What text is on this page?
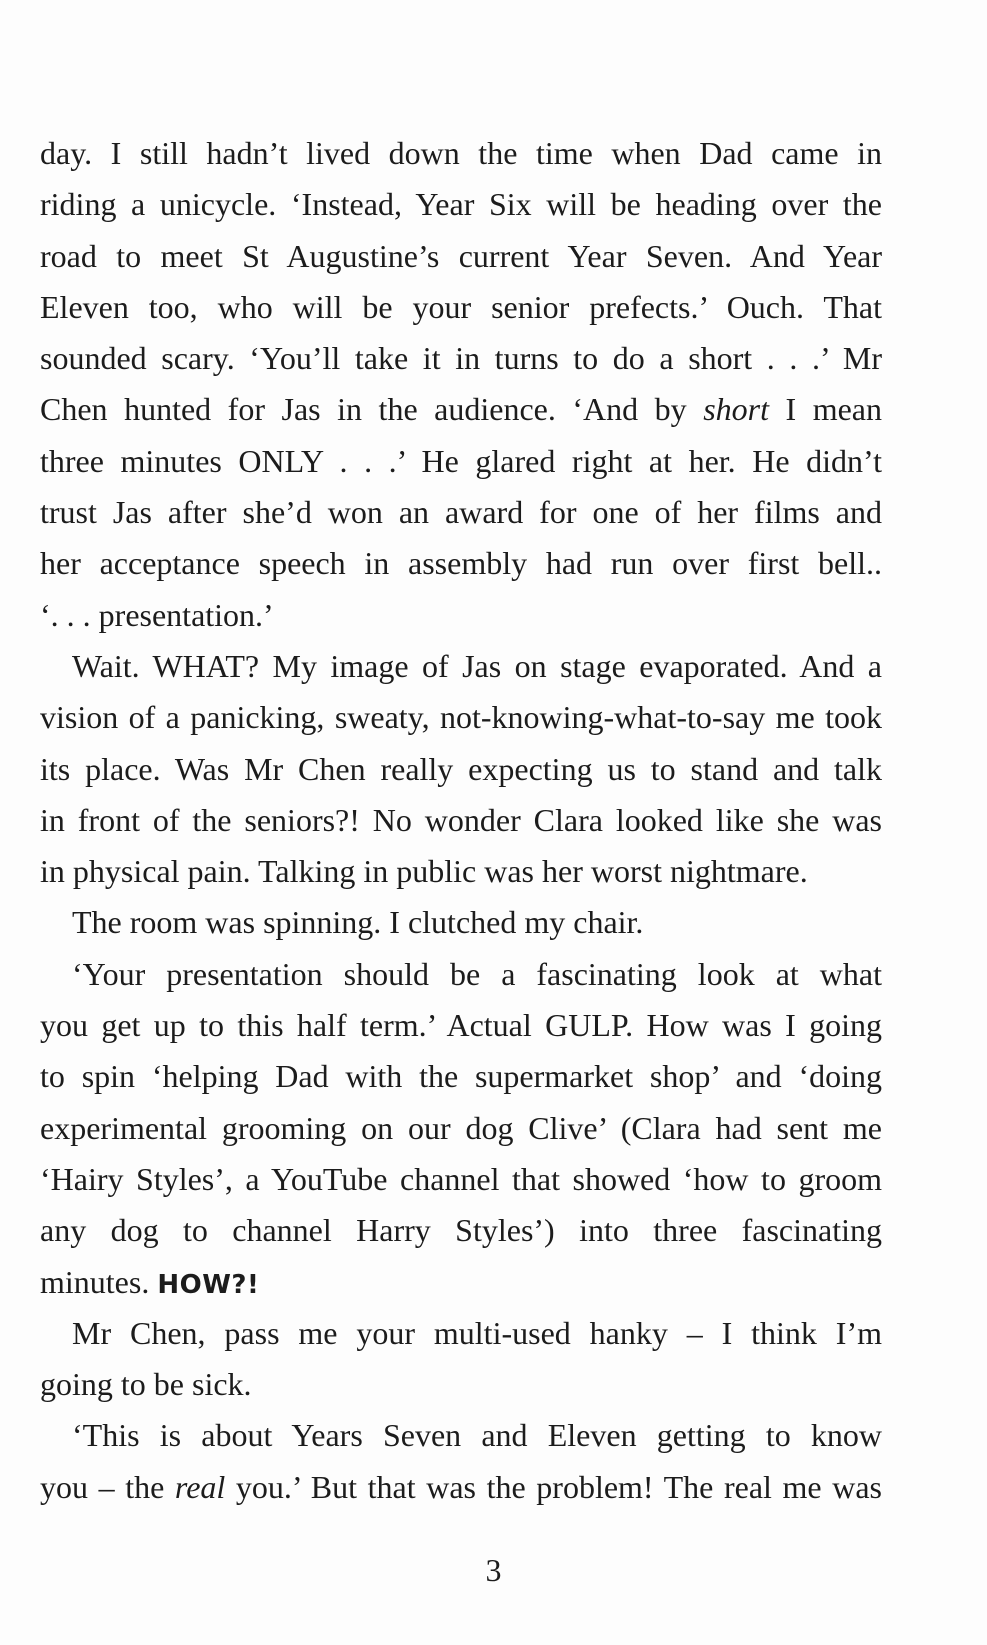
day. I still hadn’t lived down the time when Dad came in
riding a unicycle. ‘Instead, Year Six will be heading over the
road to meet St Augustine’s current Year Seven. And Year
Eleven too, who will be your senior prefects.’ Ouch. That
sounded scary. ‘You’ll take it in turns to do a short . . .’ Mr
Chen hunted for Jas in the audience. ‘And by short I mean
three minutes ONLY . . .’ He glared right at her. He didn’t
trust Jas after she’d won an award for one of her films and
her acceptance speech in assembly had run over first bell..
‘. . . presentation.’
Wait. WHAT? My image of Jas on stage evaporated. And a
vision of a panicking, sweaty, not-knowing-what-to-say me took
its place. Was Mr Chen really expecting us to stand and talk
in front of the seniors?! No wonder Clara looked like she was
in physical pain. Talking in public was her worst nightmare.
The room was spinning. I clutched my chair.
‘Your presentation should be a fascinating look at what
you get up to this half term.’ Actual GULP. How was I going
to spin ‘helping Dad with the supermarket shop’ and ‘doing
experimental grooming on our dog Clive’ (Clara had sent me
‘Hairy Styles’, a YouTube channel that showed ‘how to groom
any dog to channel Harry Styles’) into three fascinating
minutes. HOW?!
Mr Chen, pass me your multi-used hanky – I think I’m
going to be sick.
‘This is about Years Seven and Eleven getting to know
you – the real you.’ But that was the problem! The real me was
3
